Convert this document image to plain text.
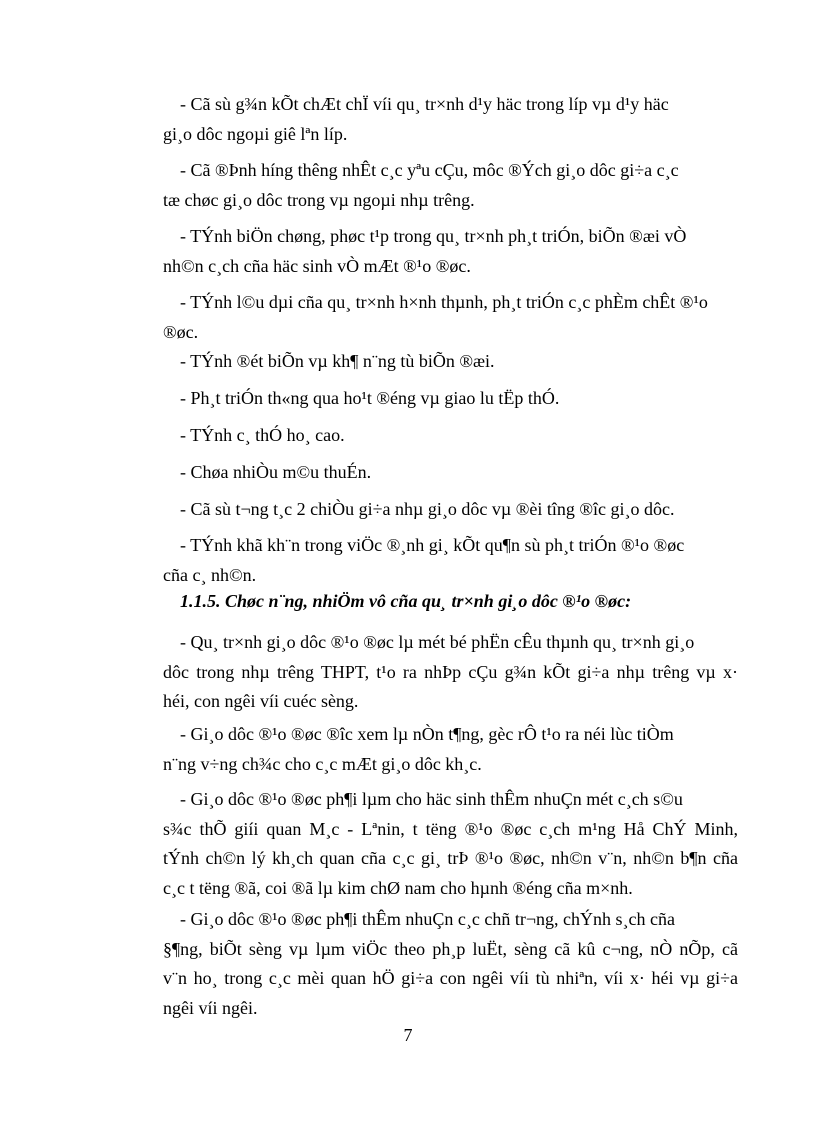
- Cã sù g¾n kÕt chÆt chÏ víi qu¸ tr×nh d¹y häc trong líp vµ d¹y häc
gi¸o dôc ngoµi giê lªn líp.

- Cã ®Þnh híng thêng nhÊt c¸c yªu cÇu, môc ®Ých gi¸o dôc gi÷a c¸c
tæ chøc gi¸o dôc trong vµ ngoµi nhµ trêng.

- TÝnh biÖn chøng, phøc t¹p trong qu¸ tr×nh ph¸t triÓn, biÕn ®æi vÒ
nh©n c¸ch cña häc sinh vÒ mÆt ®¹o ®øc.

- TÝnh l©u dµi cña qu¸ tr×nh h×nh thµnh, ph¸t triÓn c¸c phÈm chÊt ®¹o
®øc.

- TÝnh ®ét biÕn vµ kh¶ n¨ng tù biÕn ®æi.

- Ph¸t triÓn th«ng qua ho¹t ®éng vµ giao lu tËp thÓ.

- TÝnh c¸ thÓ ho¸ cao.

- Chøa nhiÒu m©u thuÉn.

- Cã sù t¬ng t¸c 2 chiÒu gi÷a nhµ gi¸o dôc vµ ®èi tîng ®îc gi¸o dôc.

- TÝnh khã kh¨n trong viÖc ®¸nh gi¸ kÕt qu¶n sù ph¸t triÓn ®¹o ®øc
cña c¸ nh©n.

1.1.5. Chøc n¨ng, nhiÖm vô cña qu¸ tr×nh gi¸o dôc ®¹o ®øc:

- Qu¸ tr×nh gi¸o dôc ®¹o ®øc lµ mét bé phËn cÊu thµnh qu¸ tr×nh gi¸o
dôc trong nhµ trêng THPT, t¹o ra nhÞp cÇu g¾n kÕt gi÷a nhµ trêng vµ x·
héi, con ngêi víi cuéc sèng.

- Gi¸o dôc ®¹o ®øc ®îc xem lµ nÒn t¶ng, gèc rÔ t¹o ra néi lùc tiÒm
n¨ng v÷ng ch¾c cho c¸c mÆt gi¸o dôc kh¸c.

- Gi¸o dôc ®¹o ®øc ph¶i lµm cho häc sinh thÊm nhuÇn mét c¸ch s©u
s¾c thÕ giíi quan M¸c - Lªnin, t tëng ®¹o ®øc c¸ch m¹ng Hå ChÝ Minh,
tÝnh ch©n lý kh¸ch quan cña c¸c gi¸ trÞ ®¹o ®øc, nh©n v¨n, nh©n b¶n cña
c¸c t tëng ®ã, coi ®ã lµ kim chØ nam cho hµnh ®éng cña m×nh.

- Gi¸o dôc ®¹o ®øc ph¶i thÊm nhuÇn c¸c chñ tr¬ng, chÝnh s¸ch cña
§¶ng, biÕt sèng vµ lµm viÖc theo ph¸p luËt, sèng cã kû c¬ng, nÒ nÕp, cã
v¨n ho¸ trong c¸c mèi quan hÖ gi÷a con ngêi víi tù nhiªn, víi x· héi vµ gi÷a
ngêi víi ngêi.

7
